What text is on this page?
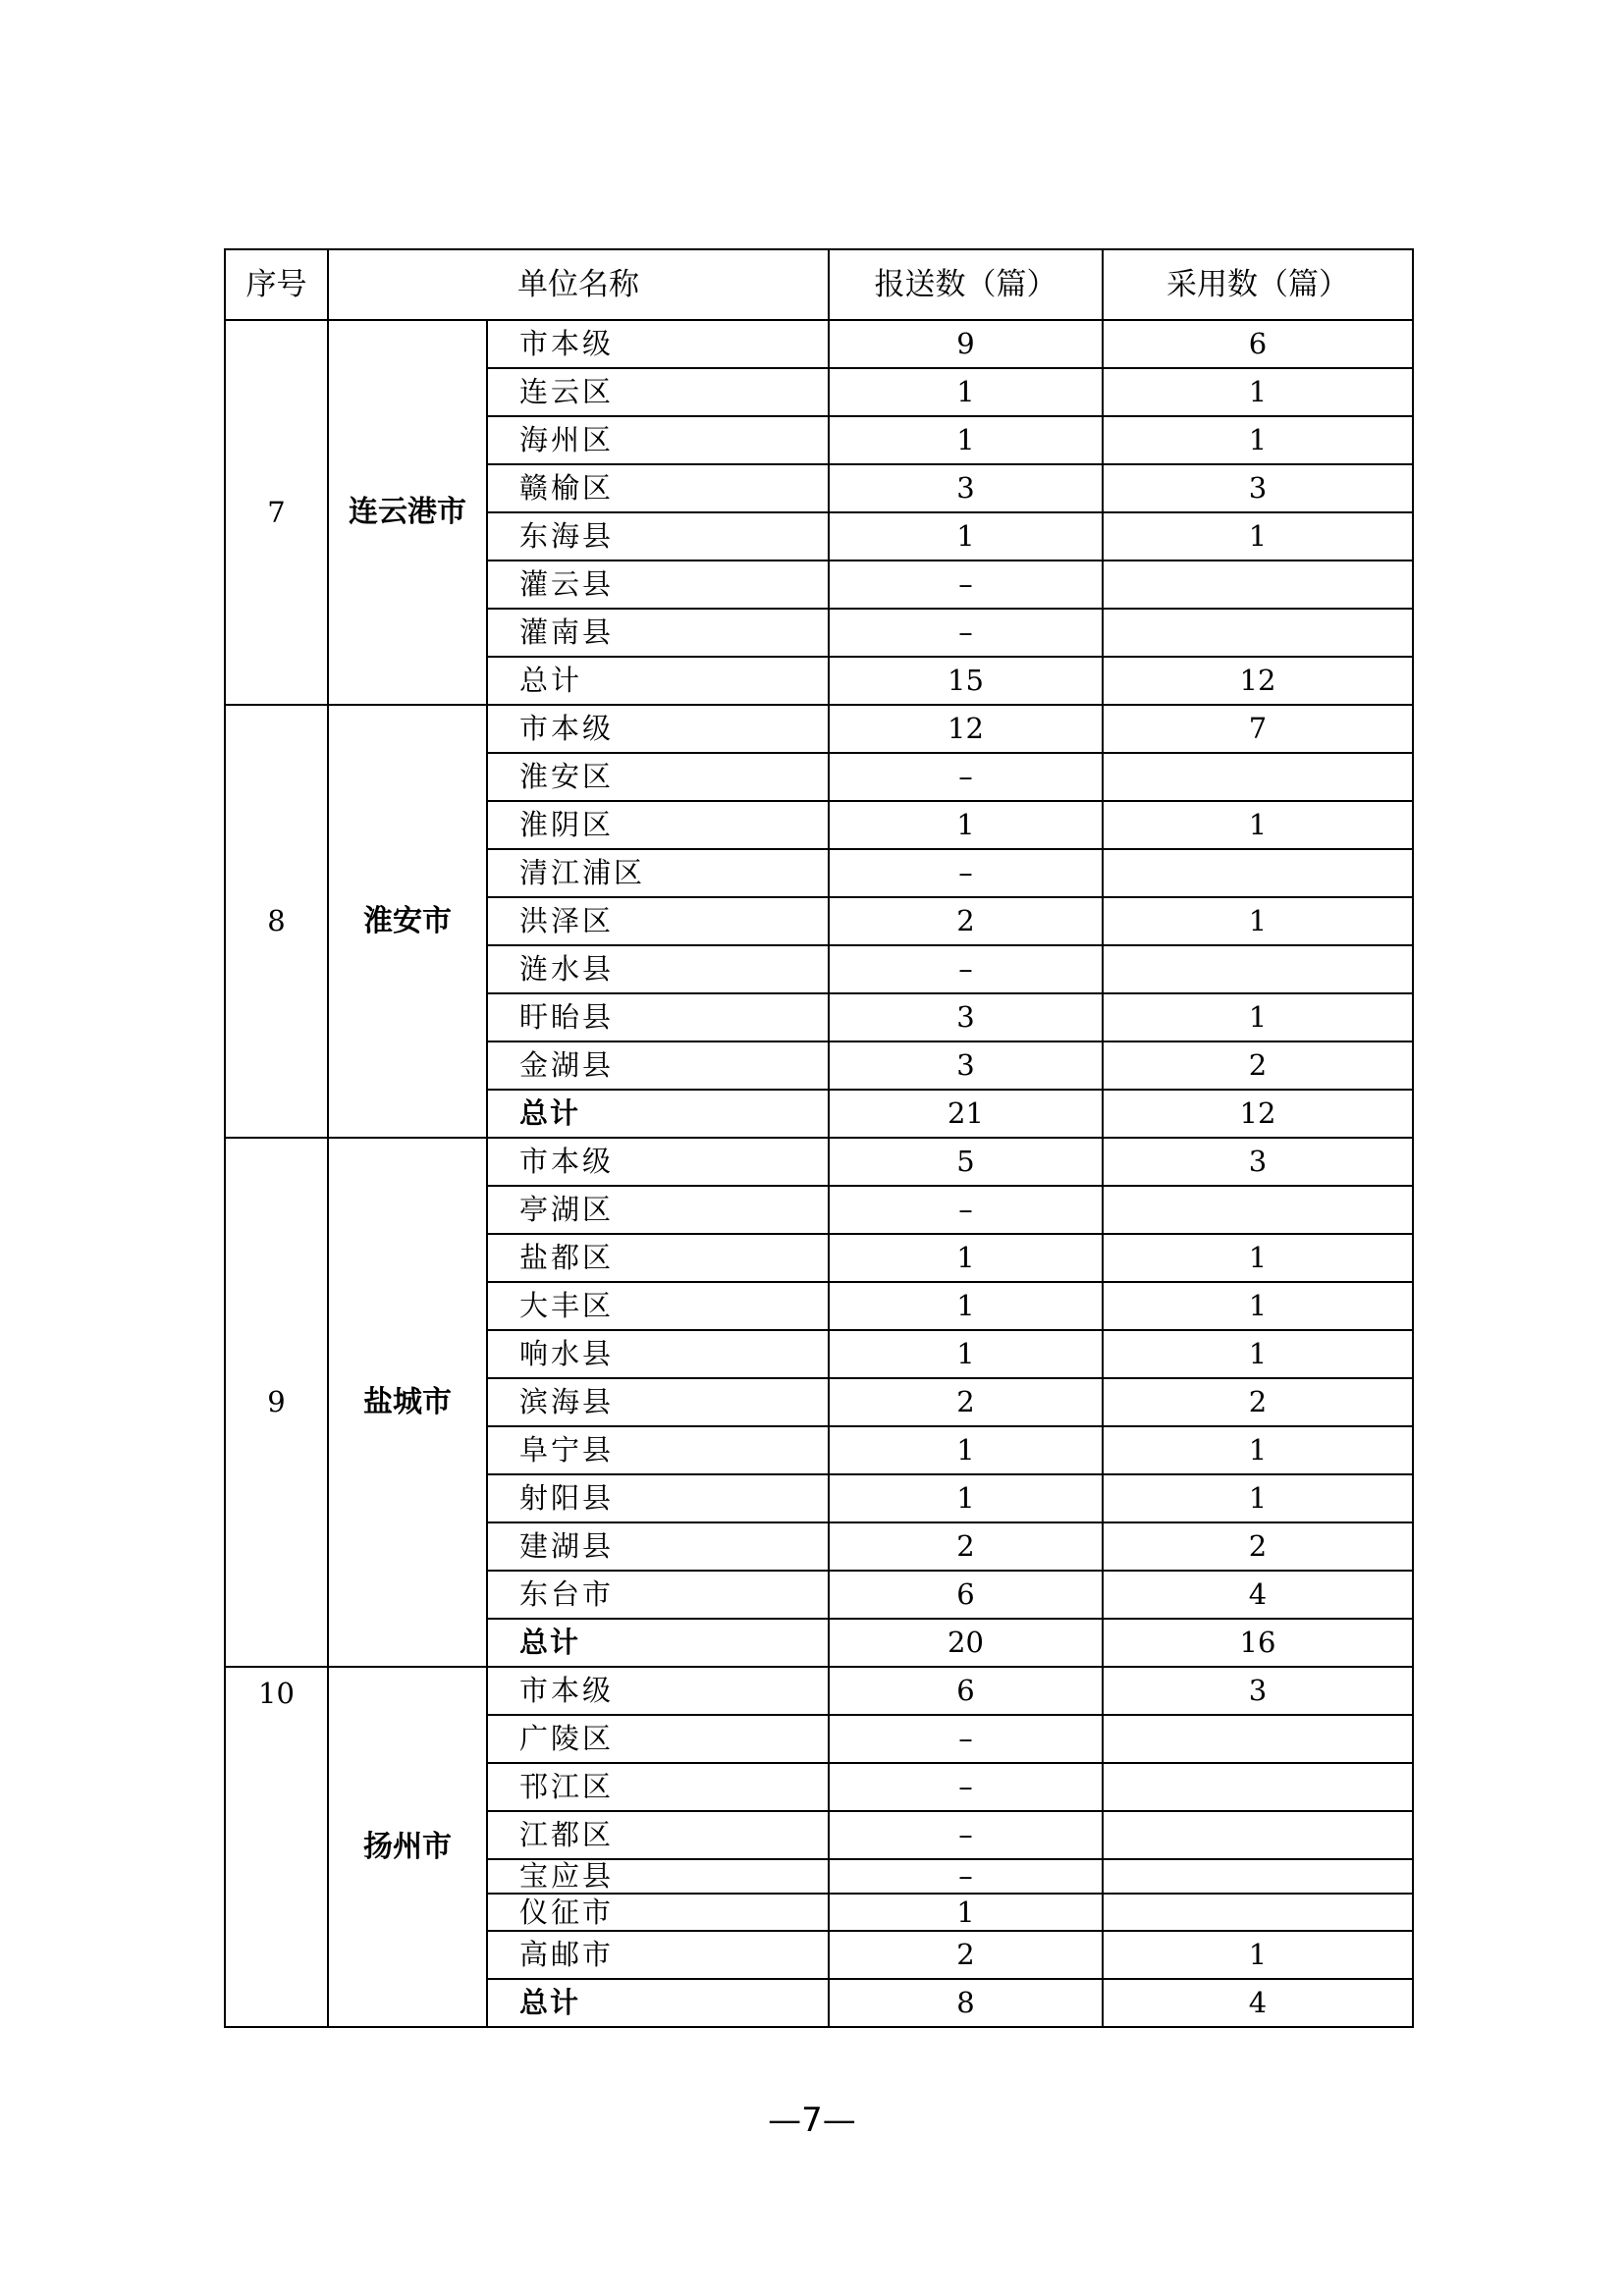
序号	单位名称		报送数（篇）	采用数（篇）
7	连云港市	市本级	9	6
		连云区	1	1
		海州区	1	1
		赣榆区	3	3
		东海县	1	1
		灌云县	–	
		灌南县	–	
		总计	15	12
8	淮安市	市本级	12	7
		淮安区	–	
		淮阴区	1	1
		清江浦区	–	
		洪泽区	2	1
		涟水县	–	
		盱眙县	3	1
		金湖县	3	2
		总计	21	12
9	盐城市	市本级	5	3
		亭湖区	–	
		盐都区	1	1
		大丰区	1	1
		响水县	1	1
		滨海县	2	2
		阜宁县	1	1
		射阳县	1	1
		建湖县	2	2
		东台市	6	4
		总计	20	16
10	扬州市	市本级	6	3
		广陵区	–	
		邗江区	–	
		江都区	–	
		宝应县	–	
		仪征市	1	
		高邮市	2	1
		总计	8	4
—7—
